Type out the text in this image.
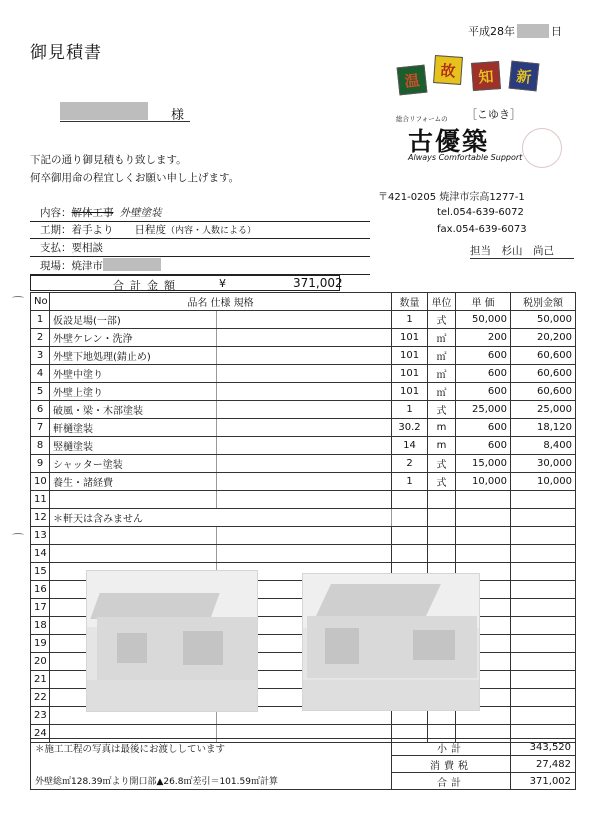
平成28年	日
御見積書
様
下記の通り御見積もり致します。
何卒御用命の程宜しくお願い申し上げます。
温
故	知	新
総合リフォームの ［こゆき］
古優築
Always Comfortable Support
〒421-0205 焼津市宗高1277-1
tel.054-639-6072
fax.054-639-6073
担当　杉山　尚己
内容：解体工事 外壁塗装
工期：着手より　　日程度（内容・人数による）
支払：要相談
現場：焼津市
合計金額	¥	371,002
No	品名 仕様 規格		数量	単位	単 価	税別金額
1	仮設足場(一部)		1	式	50,000	50,000
2	外壁ケレン・洗浄		101	㎡	200	20,200
3	外壁下地処理(錆止め)		101	㎡	600	60,600
4	外壁中塗り		101	㎡	600	60,600
5	外壁上塗り		101	㎡	600	60,600
6	破風・梁・木部塗装		1	式	25,000	25,000
7	軒樋塗装		30.2	m	600	18,120
8	竪樋塗装		14	m	600	8,400
9	シャッター塗装		2	式	15,000	30,000
10	養生・諸経費		1	式	10,000	10,000
11						
12	＊軒天は含みません					
13						
14						
15						
16						
17						
18						
19						
20						
21						
22						
23						
24						
＊施工工程の写真は最後にお渡ししています	小計	343,520
	消費税	27,482
外壁総㎡128.39㎡より開口部▲26.8㎡差引＝101.59㎡計算	合計	371,002
